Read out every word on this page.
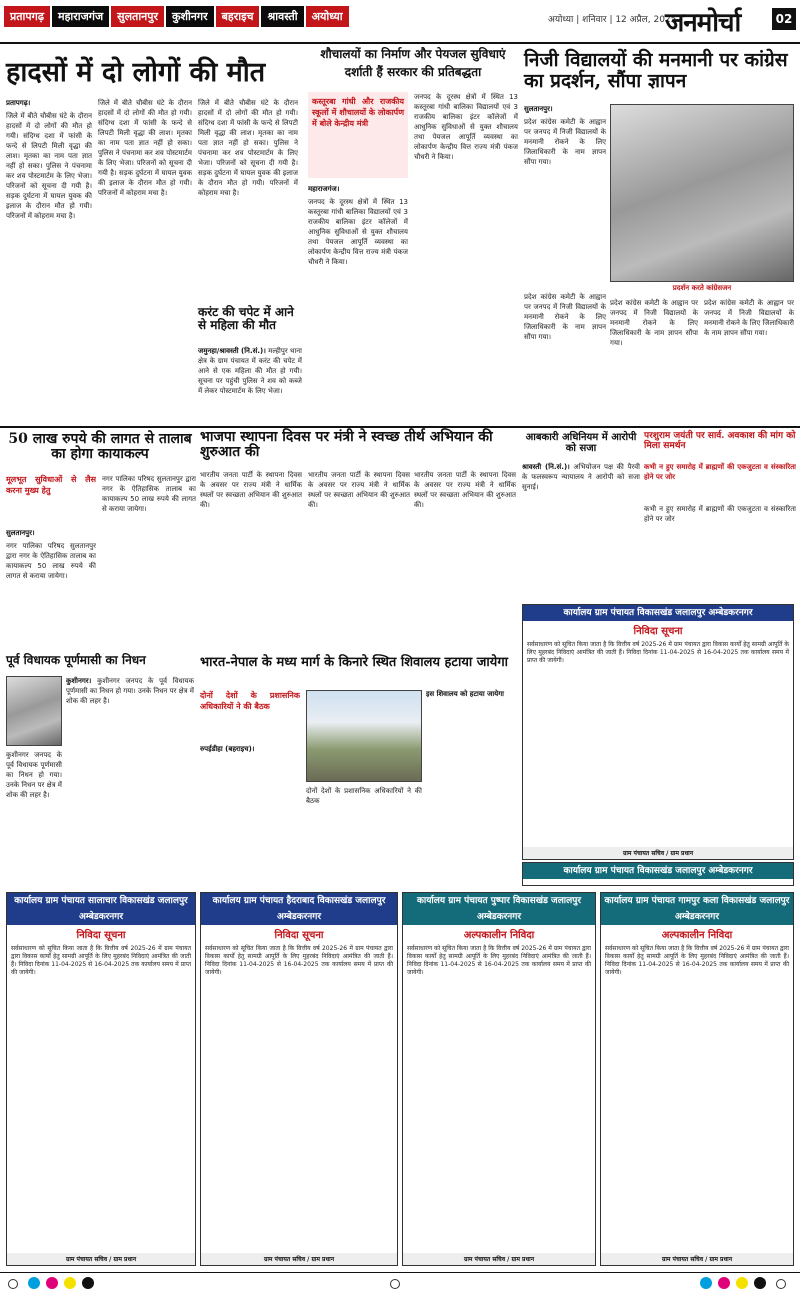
प्रतापगढ़	महाराजगंज	सुलतानपुर	कुशीनगर	बहराइच	श्रावस्ती	अयोध्या	अयोध्या | शनिवार | 12 अप्रैल, 2025
जनमोर्चा	02
हादसों में दो लोगों की मौत

प्रतापगढ़।

जिले में बीते चौबीस घंटे के दौरान हादसों में दो लोगों की मौत हो गयी। संदिग्ध दशा में फांसी के फन्दे से लिपटी मिली वृद्धा की लाश। मृतका का नाम पता ज्ञात नहीं हो सका। पुलिस ने पंचनामा कर शव पोस्टमार्टम के लिए भेजा। परिजनों को सूचना दी गयी है। सड़क दुर्घटना में घायल युवक की इलाज के दौरान मौत हो गयी। परिजनों में कोहराम मचा है।

जिले में बीते चौबीस घंटे के दौरान हादसों में दो लोगों की मौत हो गयी। संदिग्ध दशा में फांसी के फन्दे से लिपटी मिली वृद्धा की लाश। मृतका का नाम पता ज्ञात नहीं हो सका। पुलिस ने पंचनामा कर शव पोस्टमार्टम के लिए भेजा। परिजनों को सूचना दी गयी है। सड़क दुर्घटना में घायल युवक की इलाज के दौरान मौत हो गयी। परिजनों में कोहराम मचा है।

जिले में बीते चौबीस घंटे के दौरान हादसों में दो लोगों की मौत हो गयी। संदिग्ध दशा में फांसी के फन्दे से लिपटी मिली वृद्धा की लाश। मृतका का नाम पता ज्ञात नहीं हो सका। पुलिस ने पंचनामा कर शव पोस्टमार्टम के लिए भेजा। परिजनों को सूचना दी गयी है। सड़क दुर्घटना में घायल युवक की इलाज के दौरान मौत हो गयी। परिजनों में कोहराम मचा है।

करंट की चपेट में आने से महिला की मौत

जमुनहा/श्रावस्ती (नि.सं.)। मल्हीपुर थाना क्षेत्र के ग्राम पंचायत में करंट की चपेट में आने से एक महिला की मौत हो गयी। सूचना पर पहुंची पुलिस ने शव को कब्जे में लेकर पोस्टमार्टम के लिए भेजा।

शौचालयों का निर्माण और पेयजल सुविधाएं
दर्शाती हैं सरकार की प्रतिबद्धता
कस्तूरबा गांधी और राजकीय स्कूलों में शौचालयों के लोकार्पण में बोले केन्द्रीय मंत्री

महाराजगंज।

जनपद के दूरस्थ क्षेत्रों में स्थित 13 कस्तूरबा गांधी बालिका विद्यालयों एवं 3 राजकीय बालिका इंटर कॉलेजों में आधुनिक सुविधाओं से युक्त शौचालय तथा पेयजल आपूर्ति व्यवस्था का लोकार्पण केन्द्रीय वित्त राज्य मंत्री पंकज चौधरी ने किया।

जनपद के दूरस्थ क्षेत्रों में स्थित 13 कस्तूरबा गांधी बालिका विद्यालयों एवं 3 राजकीय बालिका इंटर कॉलेजों में आधुनिक सुविधाओं से युक्त शौचालय तथा पेयजल आपूर्ति व्यवस्था का लोकार्पण केन्द्रीय वित्त राज्य मंत्री पंकज चौधरी ने किया।

निजी विद्यालयों की मनमानी पर कांग्रेस का प्रदर्शन, सौंपा ज्ञापन

सुलतानपुर।

प्रदेश कांग्रेस कमेटी के आह्वान पर जनपद में निजी विद्यालयों के मनमानी रोकने के लिए जिलाधिकारी के नाम ज्ञापन सौंपा गया।

प्रदर्शन करते कांग्रेसजन

प्रदेश कांग्रेस कमेटी के आह्वान पर जनपद में निजी विद्यालयों के मनमानी रोकने के लिए जिलाधिकारी के नाम ज्ञापन सौंपा गया।

प्रदेश कांग्रेस कमेटी के आह्वान पर जनपद में निजी विद्यालयों के मनमानी रोकने के लिए जिलाधिकारी के नाम ज्ञापन सौंपा गया।

प्रदेश कांग्रेस कमेटी के आह्वान पर जनपद में निजी विद्यालयों के मनमानी रोकने के लिए जिलाधिकारी के नाम ज्ञापन सौंपा गया।

50 लाख रुपये की लागत से तालाब का होगा कायाकल्प
मूलभूत सुविधाओं से लैस करना मुख्य हेतु

सुलतानपुर।

नगर पालिका परिषद सुलतानपुर द्वारा नगर के ऐतिहासिक तालाब का कायाकल्प 50 लाख रुपये की लागत से कराया जायेगा।

नगर पालिका परिषद सुलतानपुर द्वारा नगर के ऐतिहासिक तालाब का कायाकल्प 50 लाख रुपये की लागत से कराया जायेगा।

भाजपा स्थापना दिवस पर मंत्री ने स्वच्छ तीर्थ अभियान की शुरुआत की

भारतीय जनता पार्टी के स्थापना दिवस के अवसर पर राज्य मंत्री ने धार्मिक स्थलों पर स्वच्छता अभियान की शुरुआत की।

भारतीय जनता पार्टी के स्थापना दिवस के अवसर पर राज्य मंत्री ने धार्मिक स्थलों पर स्वच्छता अभियान की शुरुआत की।

भारतीय जनता पार्टी के स्थापना दिवस के अवसर पर राज्य मंत्री ने धार्मिक स्थलों पर स्वच्छता अभियान की शुरुआत की।

आबकारी अधिनियम में आरोपी को सजा

श्रावस्ती (नि.सं.)। अभियोजन पक्ष की पैरवी के फलस्वरूप न्यायालय ने आरोपी को सजा सुनाई।

परशुराम जयंती पर सार्व. अवकाश की मांग को मिला समर्थन
कभी न हुए समारोह में ब्राह्मणों की एकजुटता व संस्कारिता होने पर जोर

कभी न हुए समारोह में ब्राह्मणों की एकजुटता व संस्कारिता होने पर जोर

पूर्व विधायक पूर्णमासी का निधन

कुशीनगर। कुशीनगर जनपद के पूर्व विधायक पूर्णमासी का निधन हो गया। उनके निधन पर क्षेत्र में शोक की लहर है।

कुशीनगर जनपद के पूर्व विधायक पूर्णमासी का निधन हो गया। उनके निधन पर क्षेत्र में शोक की लहर है।

भारत-नेपाल के मध्य मार्ग के किनारे स्थित शिवालय हटाया जायेगा
दोनों देशों के प्रशासनिक अधिकारियों ने की बैठक

रुपईडीहा (बहराइच)।

इस शिवालय को हटाया जायेगा

दोनों देशों के प्रशासनिक अधिकारियों ने की बैठक

कार्यालय ग्राम पंचायत विकासखंड जलालपुर अम्बेडकरनगर
निविदा सूचना
सर्वसाधारण को सूचित किया जाता है कि वित्तीय वर्ष 2025-26 में ग्राम पंचायत द्वारा विकास कार्यों हेतु सामग्री आपूर्ति के लिए मुहरबंद निविदाएं आमंत्रित की जाती हैं। निविदा दिनांक 11-04-2025 से 16-04-2025 तक कार्यालय समय में प्राप्त की जायेगी।
ग्राम पंचायत सचिव / ग्राम प्रधान
कार्यालय ग्राम पंचायत विकासखंड जलालपुर अम्बेडकरनगर
कार्यालय ग्राम पंचायत सालाचार विकासखंड जलालपुर अम्बेडकरनगर
निविदा सूचना
सर्वसाधारण को सूचित किया जाता है कि वित्तीय वर्ष 2025-26 में ग्राम पंचायत द्वारा विकास कार्यों हेतु सामग्री आपूर्ति के लिए मुहरबंद निविदाएं आमंत्रित की जाती हैं। निविदा दिनांक 11-04-2025 से 16-04-2025 तक कार्यालय समय में प्राप्त की जायेगी।
ग्राम पंचायत सचिव / ग्राम प्रधान
कार्यालय ग्राम पंचायत हैदराबाद विकासखंड जलालपुर अम्बेडकरनगर
निविदा सूचना
सर्वसाधारण को सूचित किया जाता है कि वित्तीय वर्ष 2025-26 में ग्राम पंचायत द्वारा विकास कार्यों हेतु सामग्री आपूर्ति के लिए मुहरबंद निविदाएं आमंत्रित की जाती हैं। निविदा दिनांक 11-04-2025 से 16-04-2025 तक कार्यालय समय में प्राप्त की जायेगी।
ग्राम पंचायत सचिव / ग्राम प्रधान
कार्यालय ग्राम पंचायत पुष्पार विकासखंड जलालपुर अम्बेडकरनगर
अल्पकालीन निविदा
सर्वसाधारण को सूचित किया जाता है कि वित्तीय वर्ष 2025-26 में ग्राम पंचायत द्वारा विकास कार्यों हेतु सामग्री आपूर्ति के लिए मुहरबंद निविदाएं आमंत्रित की जाती हैं। निविदा दिनांक 11-04-2025 से 16-04-2025 तक कार्यालय समय में प्राप्त की जायेगी।
ग्राम पंचायत सचिव / ग्राम प्रधान
कार्यालय ग्राम पंचायत गामपुर कला विकासखंड जलालपुर अम्बेडकरनगर
अल्पकालीन निविदा
सर्वसाधारण को सूचित किया जाता है कि वित्तीय वर्ष 2025-26 में ग्राम पंचायत द्वारा विकास कार्यों हेतु सामग्री आपूर्ति के लिए मुहरबंद निविदाएं आमंत्रित की जाती हैं। निविदा दिनांक 11-04-2025 से 16-04-2025 तक कार्यालय समय में प्राप्त की जायेगी।
ग्राम पंचायत सचिव / ग्राम प्रधान
